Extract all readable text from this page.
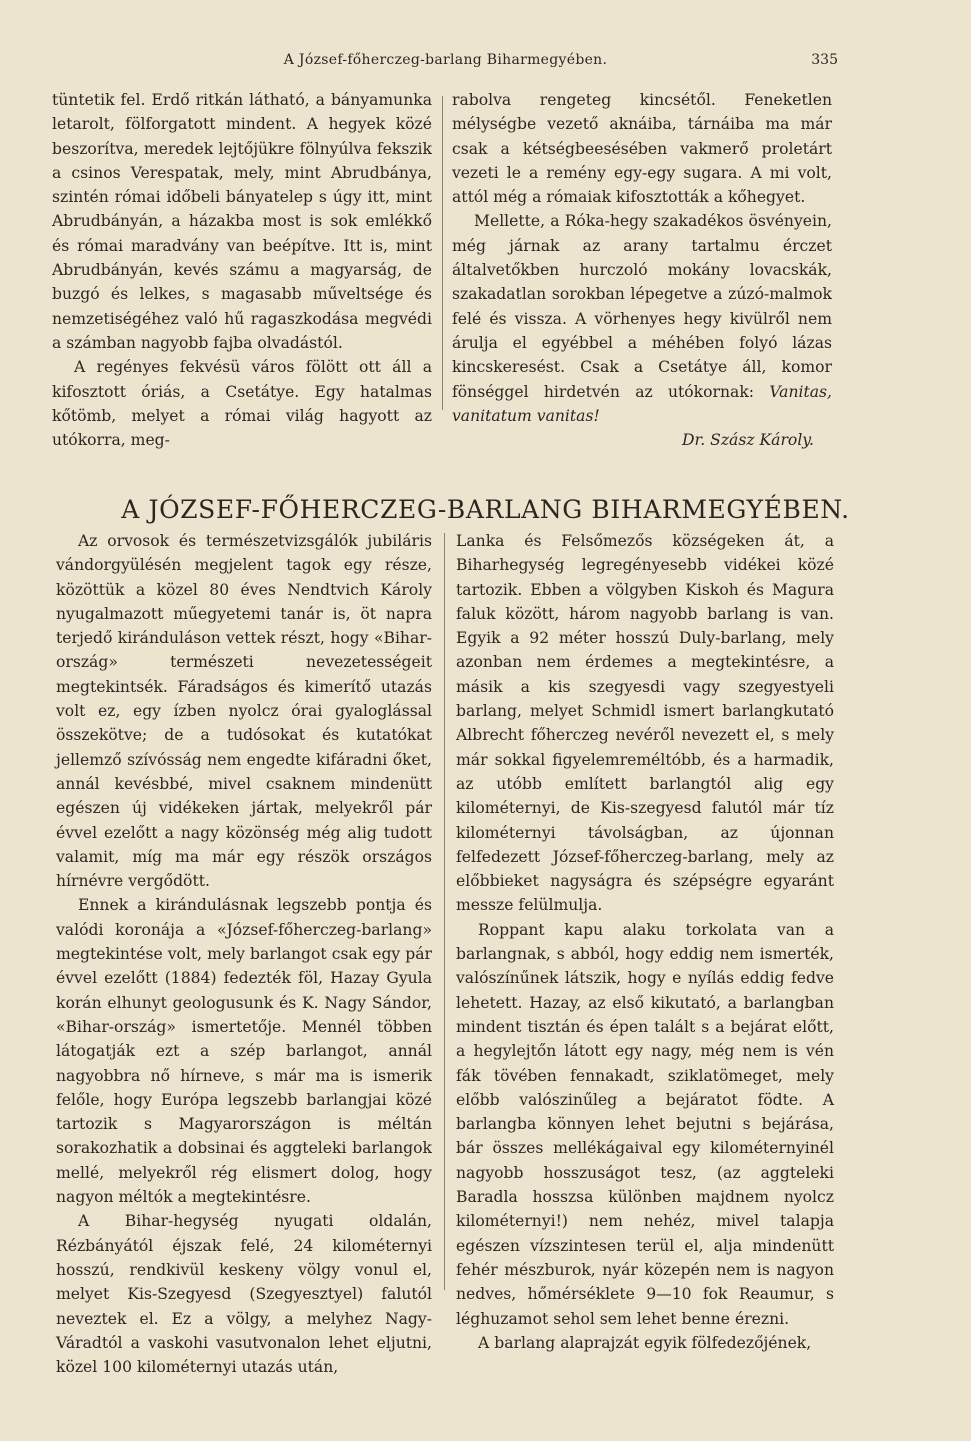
A József-főherczeg-barlang Biharmegyében.	335

tüntetik fel. Erdő ritkán látható, a bányamunka letarolt, fölforgatott mindent. A hegyek közé beszorítva, meredek lejtőjükre fölnyúlva fekszik a csinos Verespatak, mely, mint Abrudbánya, szintén római időbeli bányatelep s úgy itt, mint Abrudbányán, a házakba most is sok emlékkő és római maradvány van beépítve. Itt is, mint Abrudbányán, kevés számu a magyarság, de buzgó és lelkes, s magasabb műveltsége és nemzetiségéhez való hű ragaszkodása megvédi a számban nagyobb fajba olvadástól.

A regényes fekvésü város fölött ott áll a kifosztott óriás, a Csetátye. Egy hatalmas kőtömb, melyet a római világ hagyott az utókorra, meg-

rabolva rengeteg kincsétől. Feneketlen mélységbe vezető aknáiba, tárnáiba ma már csak a kétségbeesésében vakmerő proletárt vezeti le a remény egy-egy sugara. A mi volt, attól még a rómaiak kifosztották a kőhegyet.

Mellette, a Róka-hegy szakadékos ösvényein, még járnak az arany tartalmu érczet általvetőkben hurczoló mokány lovacskák, szakadatlan sorokban lépegetve a zúzó-malmok felé és vissza. A vörhenyes hegy kivülről nem árulja el egyébbel a méhében folyó lázas kincskeresést. Csak a Csetátye áll, komor fönséggel hirdetvén az utókornak: Vanitas, vanitatum vanitas!

Dr. Szász Károly.

A JÓZSEF-FŐHERCZEG-BARLANG BIHARMEGYÉBEN.

Az orvosok és természetvizsgálók jubiláris vándorgyülésén megjelent tagok egy része, közöttük a közel 80 éves Nendtvich Károly nyugalmazott műegyetemi tanár is, öt napra terjedő kiránduláson vettek részt, hogy «Bihar-ország» természeti nevezetességeit megtekintsék. Fáradságos és kimerítő utazás volt ez, egy ízben nyolcz órai gyaloglással összekötve; de a tudósokat és kutatókat jellemző szívósság nem engedte kifáradni őket, annál kevésbbé, mivel csaknem mindenütt egészen új vidékeken jártak, melyekről pár évvel ezelőtt a nagy közönség még alig tudott valamit, míg ma már egy részök országos hírnévre vergődött.

Ennek a kirándulásnak legszebb pontja és valódi koronája a «József-főherczeg-barlang» megtekintése volt, mely barlangot csak egy pár évvel ezelőtt (1884) fedezték föl, Hazay Gyula korán elhunyt geologusunk és K. Nagy Sándor, «Bihar-ország» ismertetője. Mennél többen látogatják ezt a szép barlangot, annál nagyobbra nő hírneve, s már ma is ismerik felőle, hogy Európa legszebb barlangjai közé tartozik s Magyarországon is méltán sorakozhatik a dobsinai és aggteleki barlangok mellé, melyekről rég elismert dolog, hogy nagyon méltók a megtekintésre.

A Bihar-hegység nyugati oldalán, Rézbányától éjszak felé, 24 kilométernyi hosszú, rendkivül keskeny völgy vonul el, melyet Kis-Szegyesd (Szegyesztyel) falutól neveztek el. Ez a völgy, a melyhez Nagy-Váradtól a vaskohi vasutvonalon lehet eljutni, közel 100 kilométernyi utazás után,

Lanka és Felsőmezős községeken át, a Biharhegység legregényesebb vidékei közé tartozik. Ebben a völgyben Kiskoh és Magura faluk között, három nagyobb barlang is van. Egyik a 92 méter hosszú Duly-barlang, mely azonban nem érdemes a megtekintésre, a másik a kis szegyesdi vagy szegyestyeli barlang, melyet Schmidl ismert barlangkutató Albrecht főherczeg nevéről nevezett el, s mely már sokkal figyelemreméltóbb, és a harmadik, az utóbb említett barlangtól alig egy kilométernyi, de Kis-szegyesd falutól már tíz kilométernyi távolságban, az újonnan felfedezett József-főherczeg-barlang, mely az előbbieket nagyságra és szépségre egyaránt messze felülmulja.

Roppant kapu alaku torkolata van a barlangnak, s abból, hogy eddig nem ismerték, valószínűnek látszik, hogy e nyílás eddig fedve lehetett. Hazay, az első kikutató, a barlangban mindent tisztán és épen talált s a bejárat előtt, a hegylejtőn látott egy nagy, még nem is vén fák tövében fennakadt, sziklatömeget, mely előbb valószinűleg a bejáratot födte. A barlangba könnyen lehet bejutni s bejárása, bár összes mellékágaival egy kilométernyinél nagyobb hosszuságot tesz, (az aggteleki Baradla hosszsa különben majdnem nyolcz kilométernyi!) nem nehéz, mivel talapja egészen vízszintesen terül el, alja mindenütt fehér mészburok, nyár közepén nem is nagyon nedves, hőmérséklete 9—10 fok Reaumur, s léghuzamot sehol sem lehet benne érezni.

A barlang alaprajzát egyik fölfedezőjének,
